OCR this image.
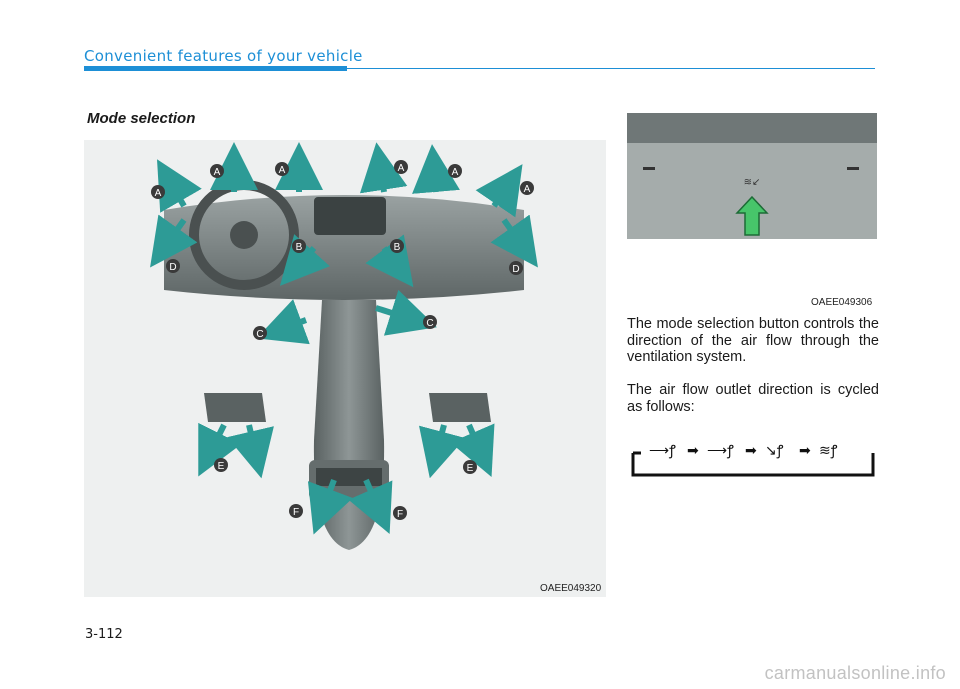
Convenient features of your vehicle
Mode selection
A
A	A	A	A
A
B	B
C
C
D	D
E	E
F	F
OAEE049320
≋↙
OAEE049306
The mode selection button controls the direction of the air flow through the ventilation system.
The air flow outlet direction is cycled as follows:
⟶ꝭ ➡ ⟶ꝭ ➡ ↘ꝭ ➡ ≋ꝭ
3-112
carmanualsonline.info
